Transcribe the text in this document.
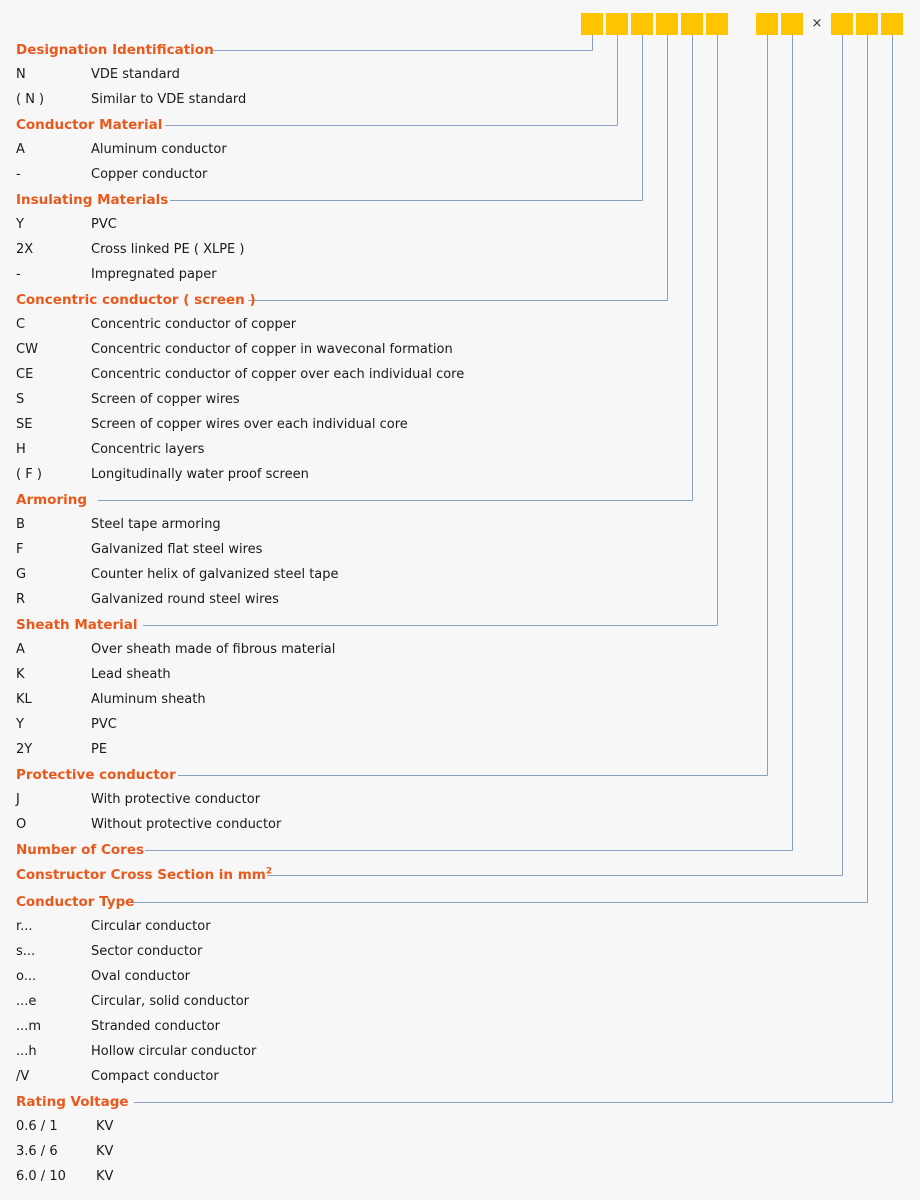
×
Designation Identification
N	VDE standard
( N )	Similar to VDE standard
Conductor Material
A	Aluminum conductor
-	Copper conductor
Insulating Materials
Y	PVC
2X	Cross linked PE ( XLPE )
-	Impregnated paper
Concentric conductor ( screen )
C	Concentric conductor of copper
CW	Concentric conductor of copper in waveconal formation
CE	Concentric conductor of copper over each individual core
S	Screen of copper wires
SE	Screen of copper wires over each individual core
H	Concentric layers
( F )	Longitudinally water proof screen
Armoring
B	Steel tape armoring
F	Galvanized flat steel wires
G	Counter helix of galvanized steel tape
R	Galvanized round steel wires
Sheath Material
A	Over sheath made of fibrous material
K	Lead sheath
KL	Aluminum sheath
Y	PVC
2Y	PE
Protective conductor
J	With protective conductor
O	Without protective conductor
Number of Cores
Constructor Cross Section in $mm^2$
Conductor Type
r...	Circular conductor
s...	Sector conductor
o...	Oval conductor
...e	Circular, solid conductor
...m	Stranded conductor
...h	Hollow circular conductor
/V	Compact conductor
Rating Voltage
0.6 / 1	KV
3.6 / 6	KV
6.0 / 10 KV
